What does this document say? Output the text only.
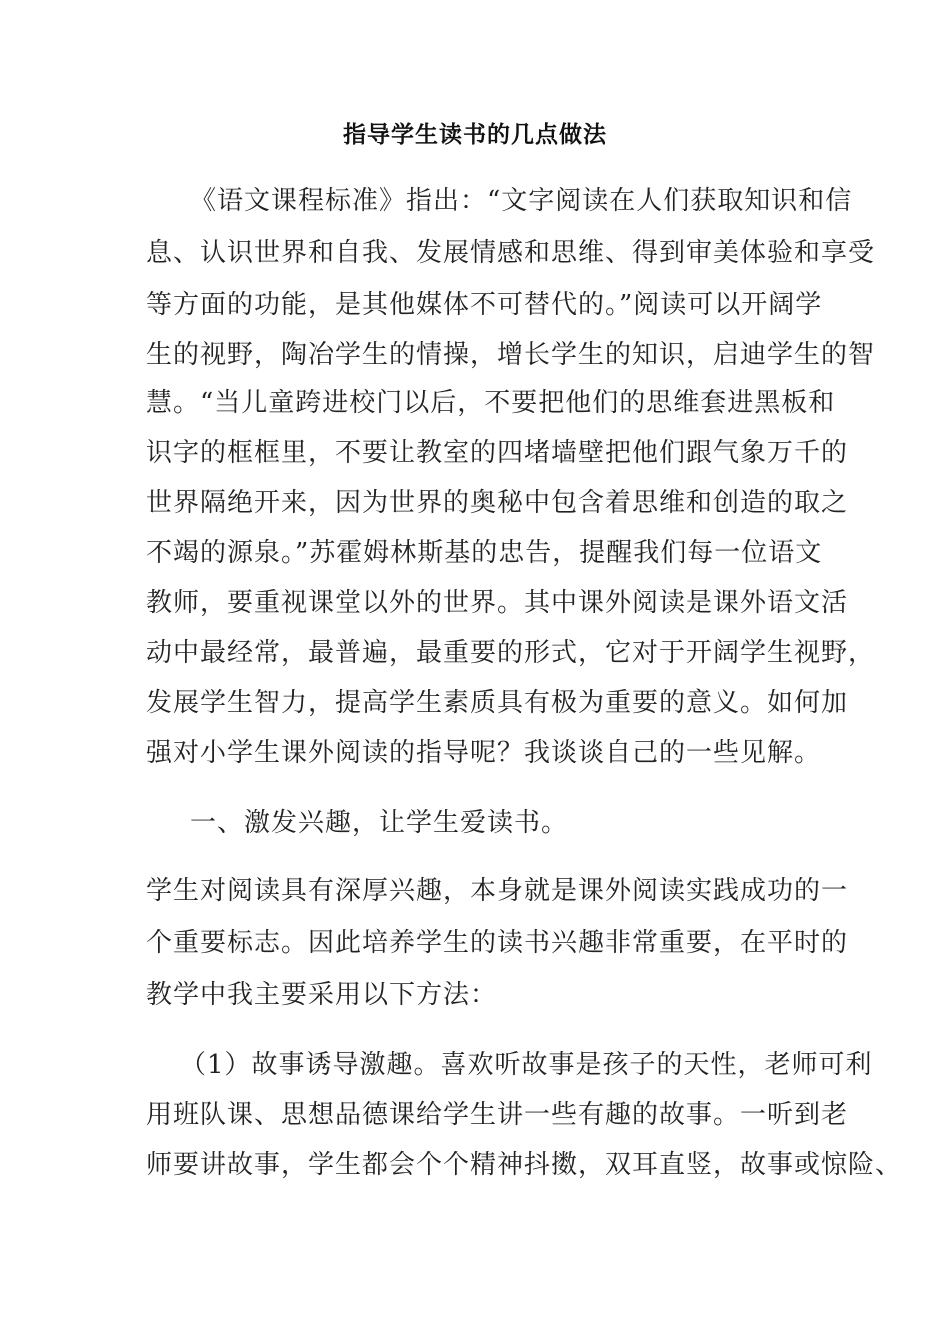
指导学生读书的几点做法
《语文课程标准》指出：“文字阅读在人们获取知识和信
息、认识世界和自我、发展情感和思维、得到审美体验和享受
等方面的功能，是其他媒体不可替代的。”阅读可以开阔学
生的视野，陶冶学生的情操，增长学生的知识，启迪学生的智
慧。“当儿童跨进校门以后，不要把他们的思维套进黑板和
识字的框框里，不要让教室的四堵墙壁把他们跟气象万千的
世界隔绝开来，因为世界的奥秘中包含着思维和创造的取之
不竭的源泉。”苏霍姆林斯基的忠告，提醒我们每一位语文
教师，要重视课堂以外的世界。其中课外阅读是课外语文活
动中最经常，最普遍，最重要的形式，它对于开阔学生视野，
发展学生智力，提高学生素质具有极为重要的意义。如何加
强对小学生课外阅读的指导呢？我谈谈自己的一些见解。
一、激发兴趣，让学生爱读书。
学生对阅读具有深厚兴趣，本身就是课外阅读实践成功的一
个重要标志。因此培养学生的读书兴趣非常重要，在平时的
教学中我主要采用以下方法：
（1）故事诱导激趣。喜欢听故事是孩子的天性，老师可利
用班队课、思想品德课给学生讲一些有趣的故事。一听到老
师要讲故事，学生都会个个精神抖擞，双耳直竖，故事或惊险、
